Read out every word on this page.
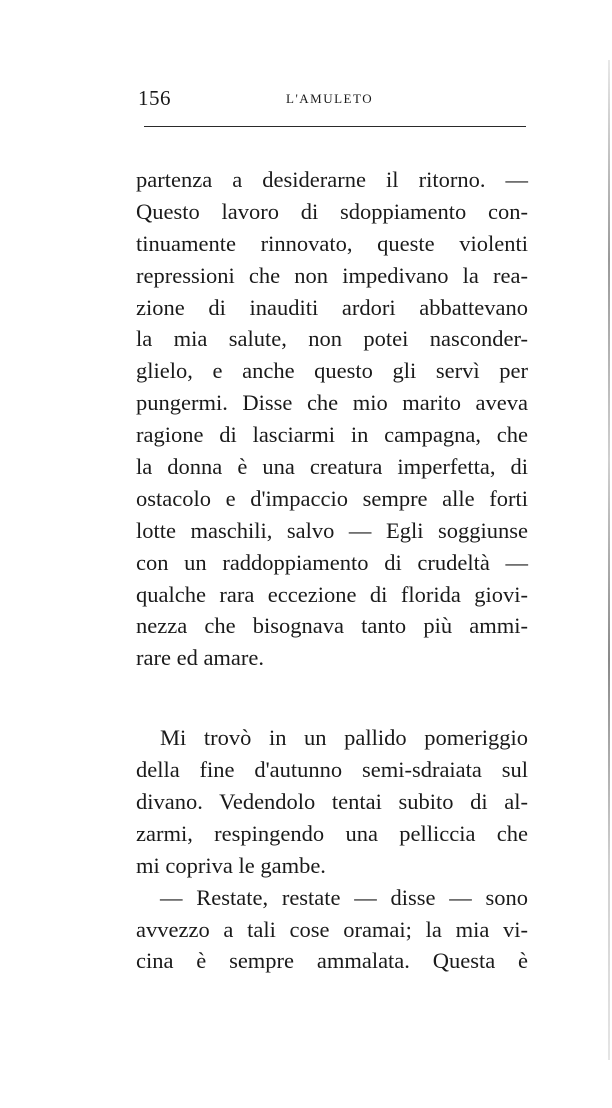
156	L'AMULETO
partenza a desiderarne il ritorno. —
Questo lavoro di sdoppiamento con-
tinuamente rinnovato, queste violenti
repressioni che non impedivano la rea-
zione di inauditi ardori abbattevano
la mia salute, non potei nasconder-
glielo, e anche questo gli servì per
pungermi. Disse che mio marito aveva
ragione di lasciarmi in campagna, che
la donna è una creatura imperfetta, di
ostacolo e d'impaccio sempre alle forti
lotte maschili, salvo — Egli soggiunse
con un raddoppiamento di crudeltà —
qualche rara eccezione di florida giovi-
nezza che bisognava tanto più ammi-
rare ed amare.
Mi trovò in un pallido pomeriggio
della fine d'autunno semi-sdraiata sul
divano. Vedendolo tentai subito di al-
zarmi, respingendo una pelliccia che
mi copriva le gambe.
— Restate, restate — disse — sono
avvezzo a tali cose oramai; la mia vi-
cina è sempre ammalata. Questa è
